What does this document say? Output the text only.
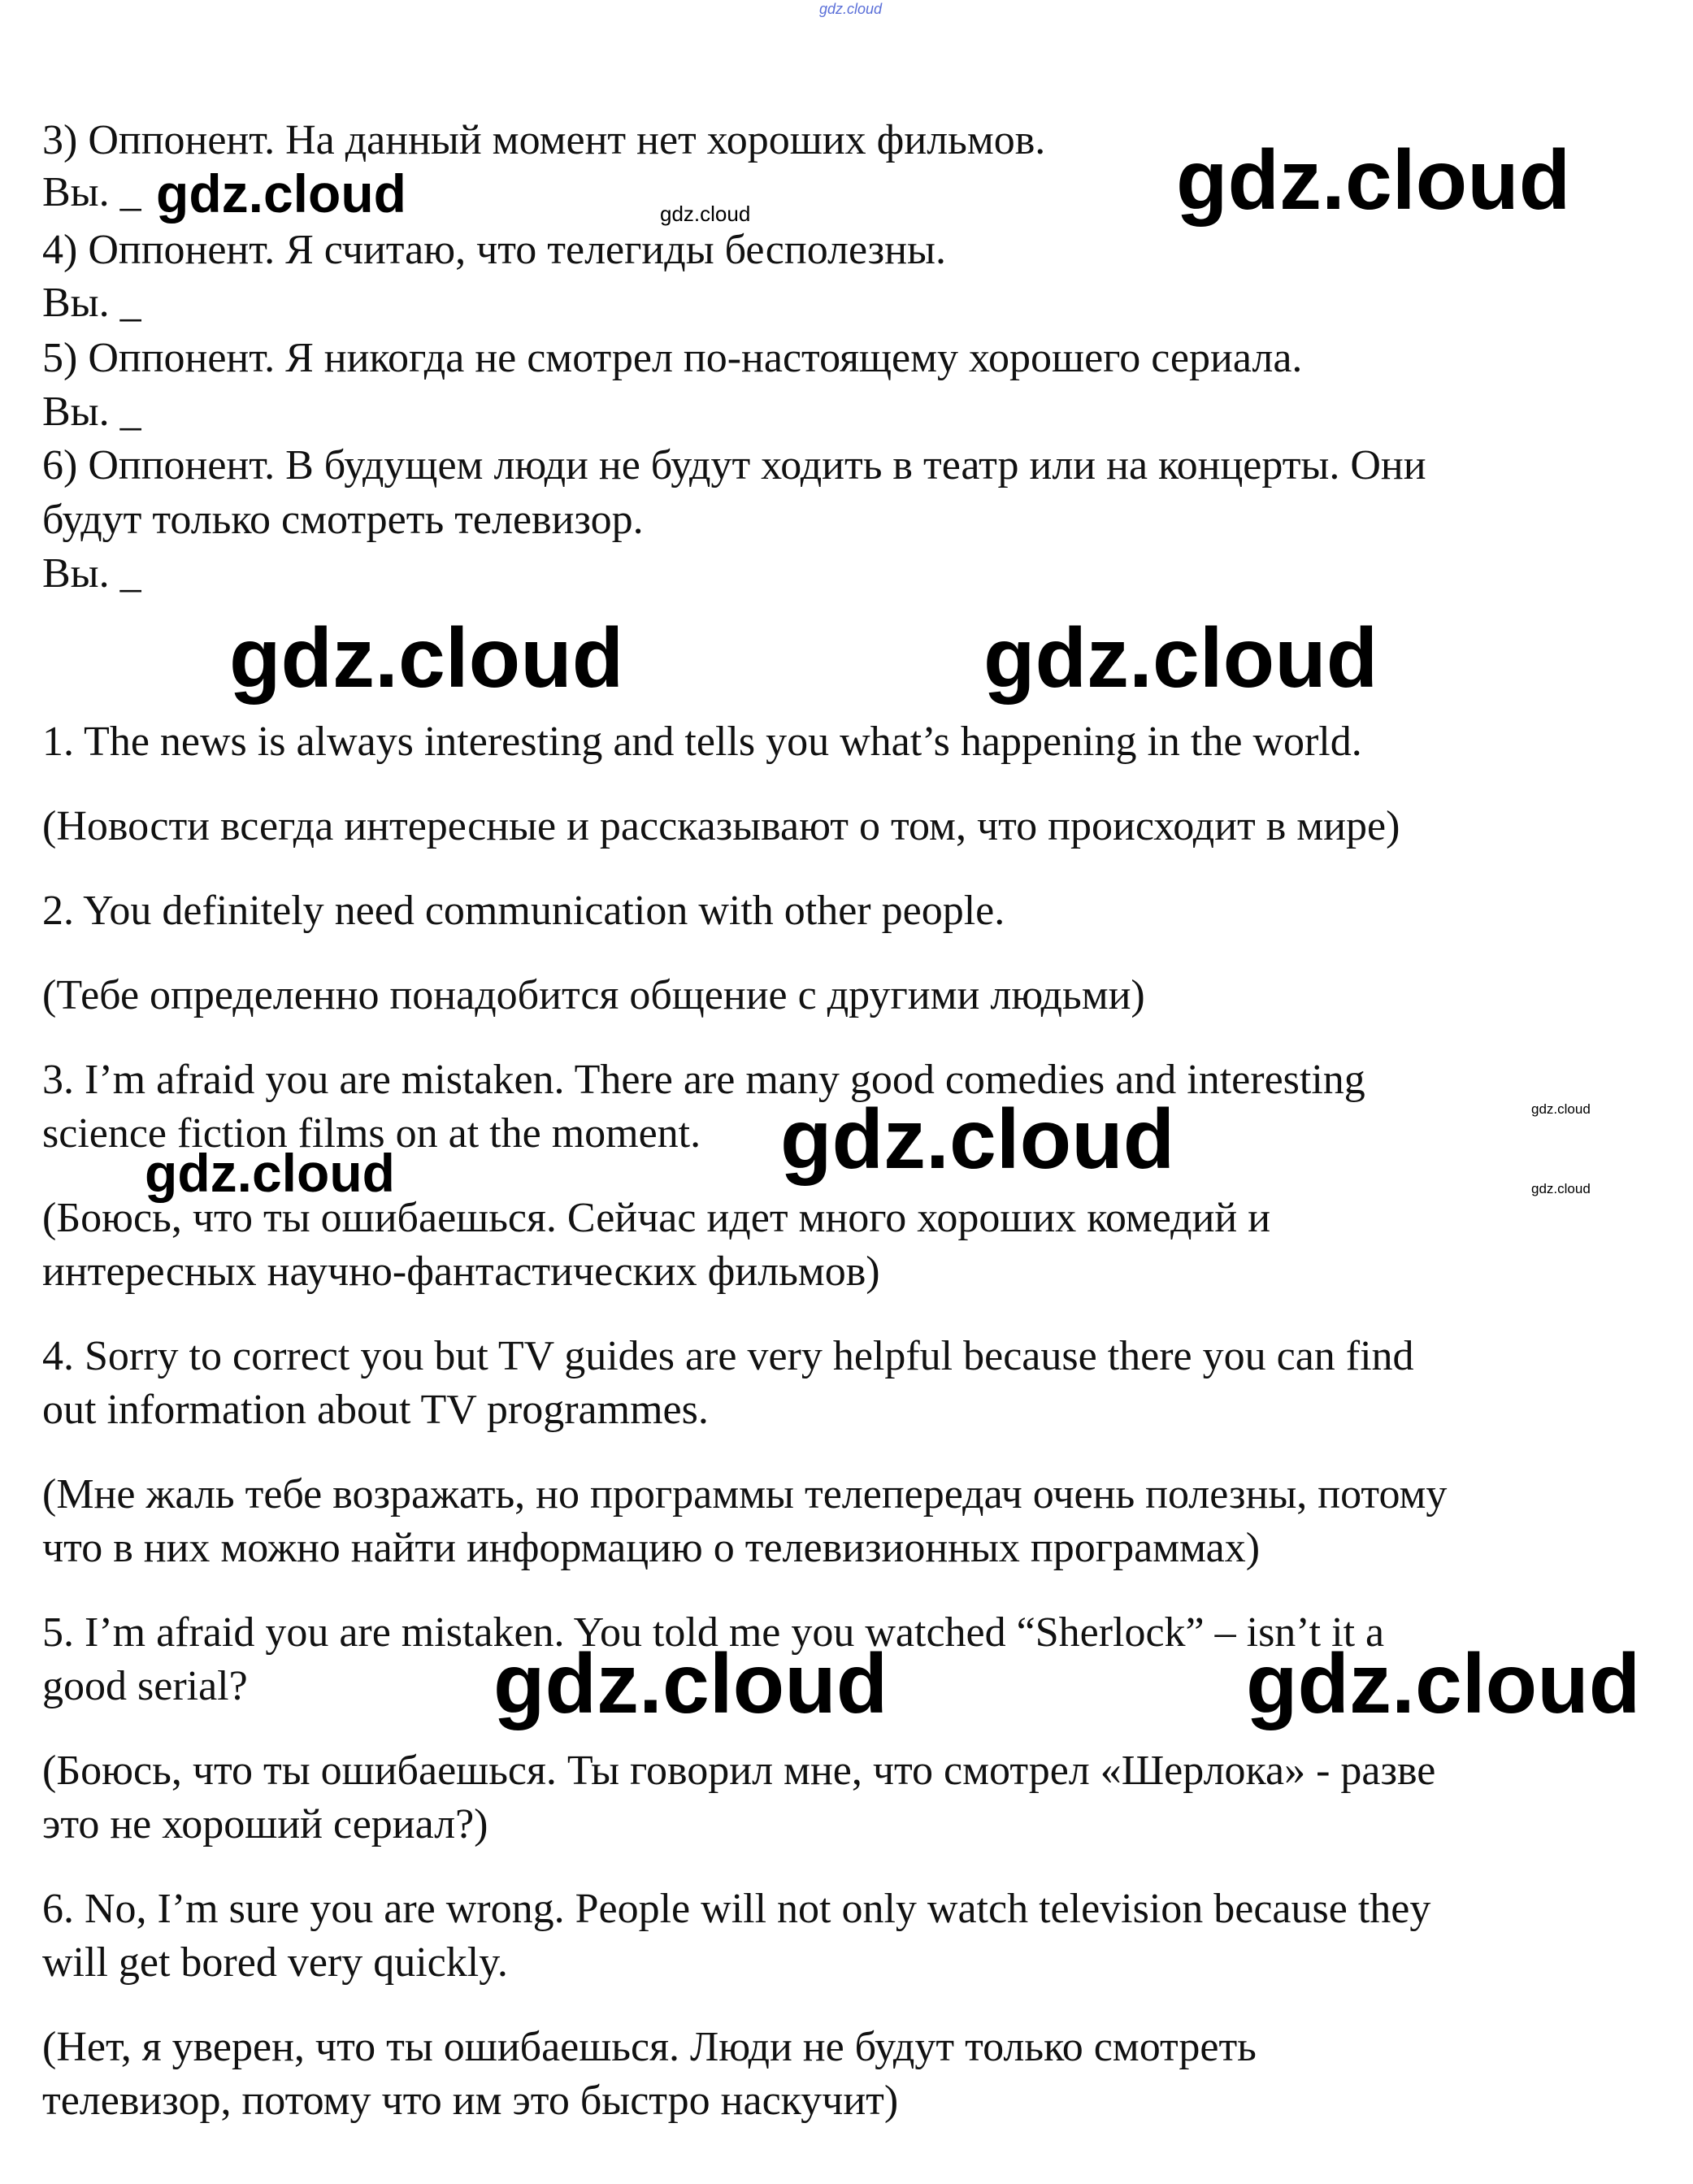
gdz.cloud

3) Оппонент. На данный момент нет хороших фильмов.

Вы. _

4) Оппонент. Я считаю, что телегиды бесполезны.

Вы. _

5) Оппонент. Я никогда не смотрел по-настоящему хорошего сериала.

Вы. _

6) Оппонент. В будущем люди не будут ходить в театр или на концерты. Они

будут только смотреть телевизор.

Вы. _

1. The news is always interesting and tells you what’s happening in the world.

(Новости всегда интересные и рассказывают о том, что происходит в мире)

2. You definitely need communication with other people.

(Тебе определенно понадобится общение с другими людьми)

3. I’m afraid you are mistaken. There are many good comedies and interesting

science fiction films on at the moment.

(Боюсь, что ты ошибаешься. Сейчас идет много хороших комедий и

интересных научно-фантастических фильмов)

4. Sorry to correct you but TV guides are very helpful because there you can find

out information about TV programmes.

(Мне жаль тебе возражать, но программы телепередач очень полезны, потому

что в них можно найти информацию о телевизионных программах)

5. I’m afraid you are mistaken. You told me you watched “Sherlock” – isn’t it a

good serial?

(Боюсь, что ты ошибаешься. Ты говорил мне, что смотрел «Шерлока» - разве

это не хороший сериал?)

6. No, I’m sure you are wrong. People will not only watch television because they

will get bored very quickly.

(Нет, я уверен, что ты ошибаешься. Люди не будут только смотреть

телевизор, потому что им это быстро наскучит)

gdz.cloud	gdz.cloud	gdz.cloud
gdz.cloud	gdz.cloud
gdz.cloud
gdz.cloud
gdz.cloud
gdz.cloud
gdz.cloud	gdz.cloud
